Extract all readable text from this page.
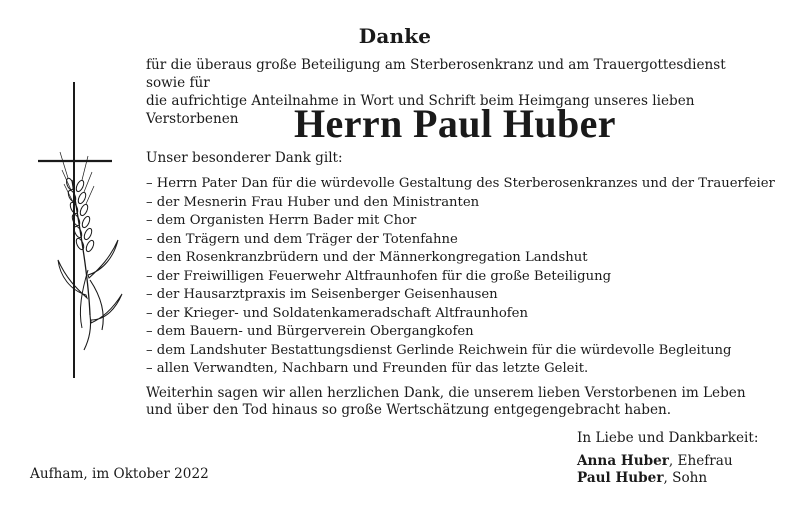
Danke
für die überaus große Beteiligung am Sterberosenkranz und am Trauergottesdienst sowie für
die aufrichtige Anteilnahme in Wort und Schrift beim Heimgang unseres lieben Verstorbenen	Herrn Paul Huber
Unser besonderer Dank gilt:
– Herrn Pater Dan für die würdevolle Gestaltung des Sterberosenkranzes und der Trauerfeier
– der Mesnerin Frau Huber und den Ministranten
– dem Organisten Herrn Bader mit Chor
– den Trägern und dem Träger der Totenfahne
– den Rosenkranzbrüdern und der Männerkongregation Landshut
– der Freiwilligen Feuerwehr Altfraunhofen für die große Beteiligung
– der Hausarztpraxis im Seisenberger Geisenhausen
– der Krieger- und Soldatenkameradschaft Altfraunhofen
– dem Bauern- und Bürgerverein Obergangkofen
– dem Landshuter Bestattungsdienst Gerlinde Reichwein für die würdevolle Begleitung
– allen Verwandten, Nachbarn und Freunden für das letzte Geleit.
Weiterhin sagen wir allen herzlichen Dank, die unserem lieben Verstorbenen im Leben
und über den Tod hinaus so große Wertschätzung entgegengebracht haben.
Aufham, im Oktober 2022
In Liebe und Dankbarkeit:
Anna Huber, Ehefrau
Paul Huber, Sohn
